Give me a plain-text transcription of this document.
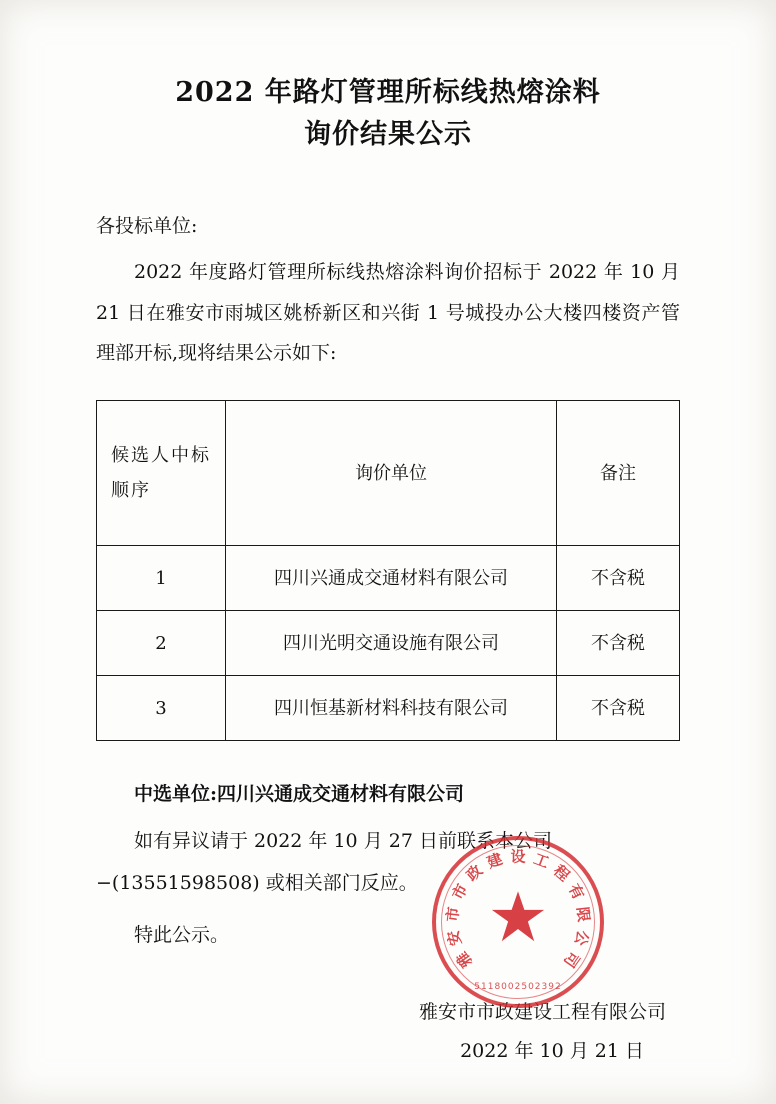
2022 年路灯管理所标线热熔涂料
询价结果公示
各投标单位:

2022 年度路灯管理所标线热熔涂料询价招标于 2022 年 10 月 21 日在雅安市雨城区姚桥新区和兴街 1 号城投办公大楼四楼资产管理部开标,现将结果公示如下:

候选人中标顺序	询价单位	备注
1	四川兴通成交通材料有限公司	不含税
2	四川光明交通设施有限公司	不含税
3	四川恒基新材料科技有限公司	不含税
中选单位:四川兴通成交通材料有限公司
如有异议请于 2022 年 10 月 27 日前联系本公司
−(13551598508) 或相关部门反应。
特此公示。
雅安市市政建设工程有限公司
2022 年 10 月 21 日
雅
安
市
市
政
建 设 工
程
有
限
公
司
5118002502392
